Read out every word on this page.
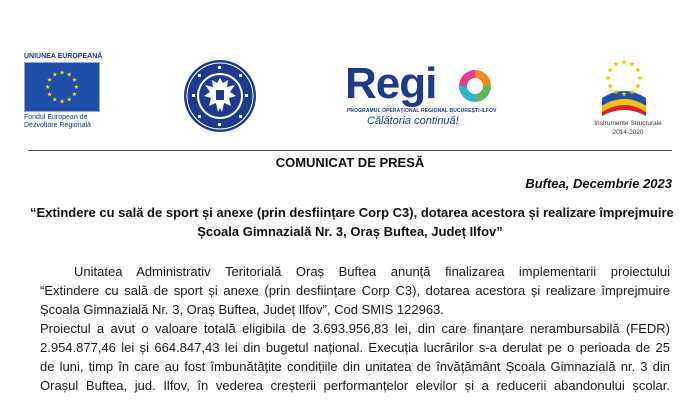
UNIUNEA EUROPEANĂ
Fondul European de
Dezvoltare Regională
Regi
PROGRAMUL OPERAȚIONAL REGIONAL BUCUREȘTI-ILFOV
Călătoria continuă!	Instrumente Structurale
2014-2020
COMUNICAT DE PRESĂ
Buftea, Decembrie 2023
“Extindere cu sală de sport și anexe (prin desființare Corp C3), dotarea acestora și realizare împrejmuire
Școala Gimnazială Nr. 3, Oraș Buftea, Județ Ilfov”
Unitatea Administrativ Teritorială Oraș Buftea anunță finalizarea implementarii proiectului
“Extindere cu sală de sport și anexe (prin desființare Corp C3), dotarea acestora și realizare împrejmuire
Școala Gimnazială Nr. 3, Oraș Buftea, Județ Ilfov”, Cod SMIS 122963.
Proiectul a avut o valoare totală eligibila de 3.693.956,83 lei, din care finanțare nerambursabilă (FEDR)
2.954.877,46 lei și 664.847,43 lei din bugetul național. Execuția lucrărilor s-a derulat pe o perioada de 25
de luni, timp în care au fost îmbunătățite condițiile din unitatea de învățământ Școala Gimnazială nr. 3 din
Orașul Buftea, jud. Ilfov, în vederea creșterii performanțelor elevilor și a reducerii abandonului școlar.
